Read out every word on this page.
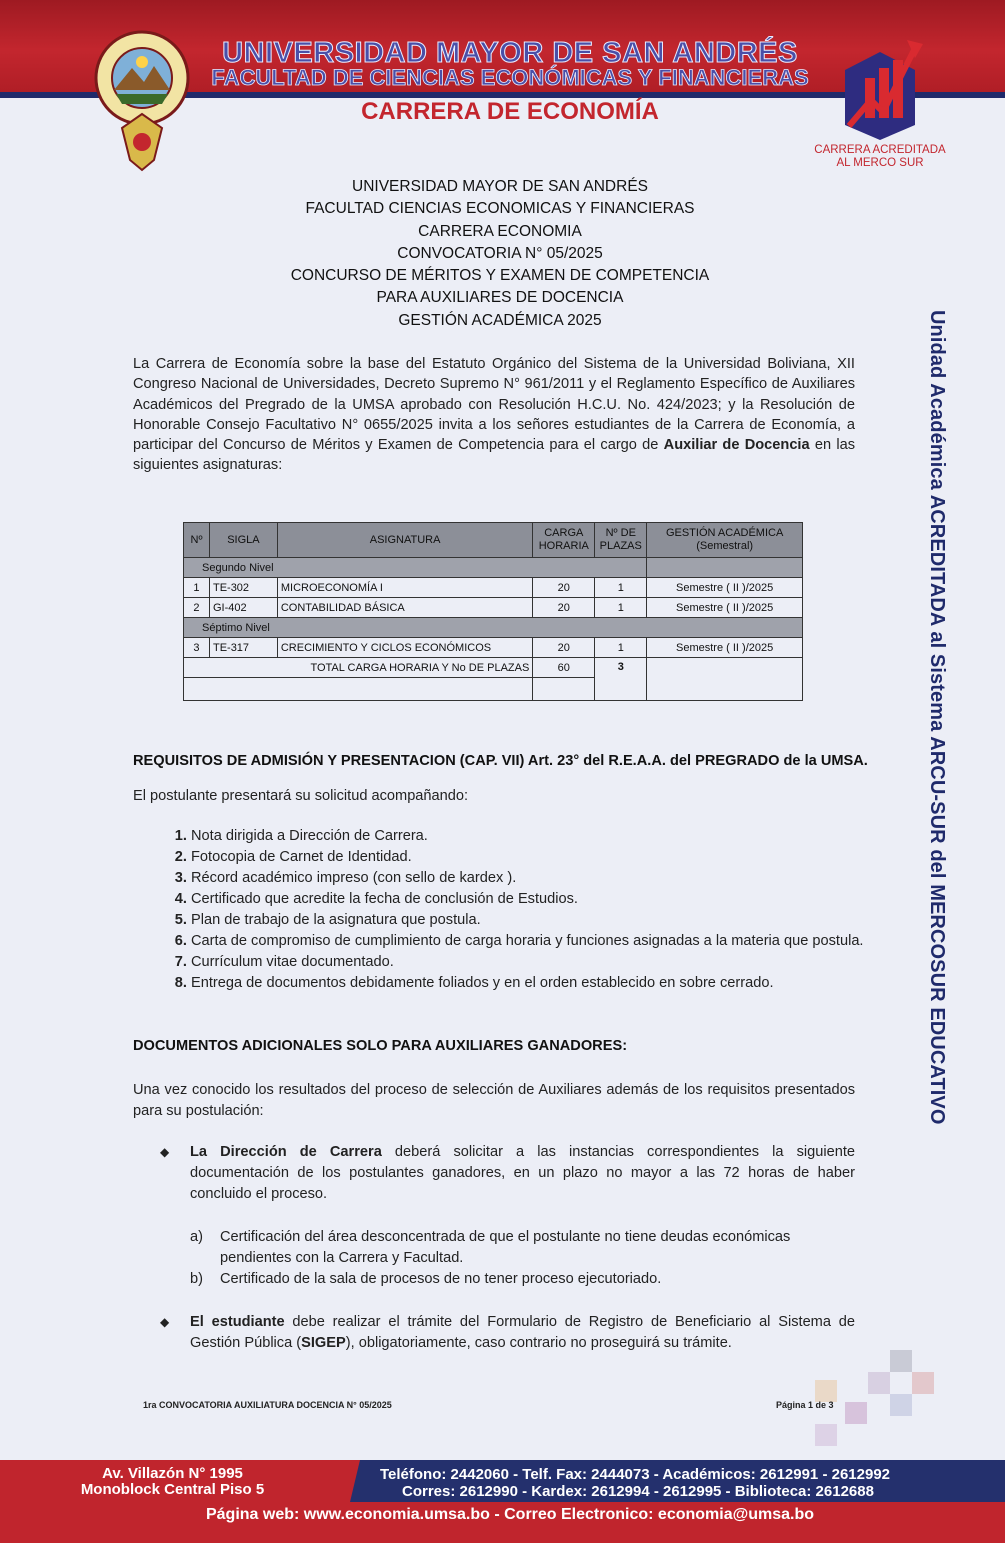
UNIVERSIDAD MAYOR DE SAN ANDRÉS
FACULTAD DE CIENCIAS ECONÓMICAS Y FINANCIERAS
CARRERA DE ECONOMÍA
CARRERA ACREDITADA
AL MERCO SUR
UNIVERSIDAD MAYOR DE SAN ANDRÉS
FACULTAD CIENCIAS ECONOMICAS Y FINANCIERAS
CARRERA ECONOMIA
CONVOCATORIA N° 05/2025
CONCURSO DE MÉRITOS Y EXAMEN DE COMPETENCIA
PARA AUXILIARES DE DOCENCIA
GESTIÓN ACADÉMICA 2025
La Carrera de Economía sobre la base del Estatuto Orgánico del Sistema de la Universidad Boliviana, XII Congreso Nacional de Universidades, Decreto Supremo N° 961/2011 y el Reglamento Específico de Auxiliares Académicos del Pregrado de la UMSA aprobado con Resolución H.C.U. No. 424/2023; y la Resolución de Honorable Consejo Facultativo N° 0655/2025 invita a los señores estudiantes de la Carrera de Economía, a participar del Concurso de Méritos y Examen de Competencia para el cargo de Auxiliar de Docencia en las siguientes asignaturas:
Nº	SIGLA	ASIGNATURA	CARGA HORARIA	Nº DE PLAZAS	GESTIÓN ACADÉMICA (Semestral)
Segundo Nivel					
1	TE-302	MICROECONOMÍA I	20	1	Semestre ( II )/2025
2	GI-402	CONTABILIDAD BÁSICA	20	1	Semestre ( II )/2025
Séptimo Nivel					
3	TE-317	CRECIMIENTO Y CICLOS ECONÓMICOS	20	1	Semestre ( II )/2025
TOTAL CARGA HORARIA Y No DE PLAZAS			60	3	

REQUISITOS DE ADMISIÓN Y PRESENTACION (CAP. VII) Art. 23° del R.E.A.A. del PREGRADO de la UMSA.
El postulante presentará su solicitud acompañando:
1. Nota dirigida a Dirección de Carrera.
2. Fotocopia de Carnet de Identidad.
3. Récord académico impreso (con sello de kardex ).
4. Certificado que acredite la fecha de conclusión de Estudios.
5. Plan de trabajo de la asignatura que postula.
6. Carta de compromiso de cumplimiento de carga horaria y funciones asignadas a la materia que postula.
7. Currículum vitae documentado.
8. Entrega de documentos debidamente foliados y en el orden establecido en sobre cerrado.
DOCUMENTOS ADICIONALES SOLO PARA AUXILIARES GANADORES:
Una vez conocido los resultados del proceso de selección de Auxiliares además de los requisitos presentados para su postulación:
◆ La Dirección de Carrera deberá solicitar a las instancias correspondientes la siguiente documentación de los postulantes ganadores, en un plazo no mayor a las 72 horas de haber concluido el proceso.
a) Certificación del área desconcentrada de que el postulante no tiene deudas económicas pendientes con la Carrera y Facultad.
b) Certificado de la sala de procesos de no tener proceso ejecutoriado.
◆ El estudiante debe realizar el trámite del Formulario de Registro de Beneficiario al Sistema de Gestión Pública (SIGEP), obligatoriamente, caso contrario no proseguirá su trámite.
Unidad Académica ACREDITADA al Sistema ARCU-SUR del MERCOSUR EDUCATIVO
1ra CONVOCATORIA AUXILIATURA DOCENCIA N° 05/2025	Página 1 de 3
Av. Villazón N° 1995
Monoblock Central Piso 5
Teléfono: 2442060 - Telf. Fax: 2444073 - Académicos: 2612991 - 2612992
Corres: 2612990 - Kardex: 2612994 - 2612995 - Biblioteca: 2612688
Página web: www.economia.umsa.bo - Correo Electronico: economia@umsa.bo
